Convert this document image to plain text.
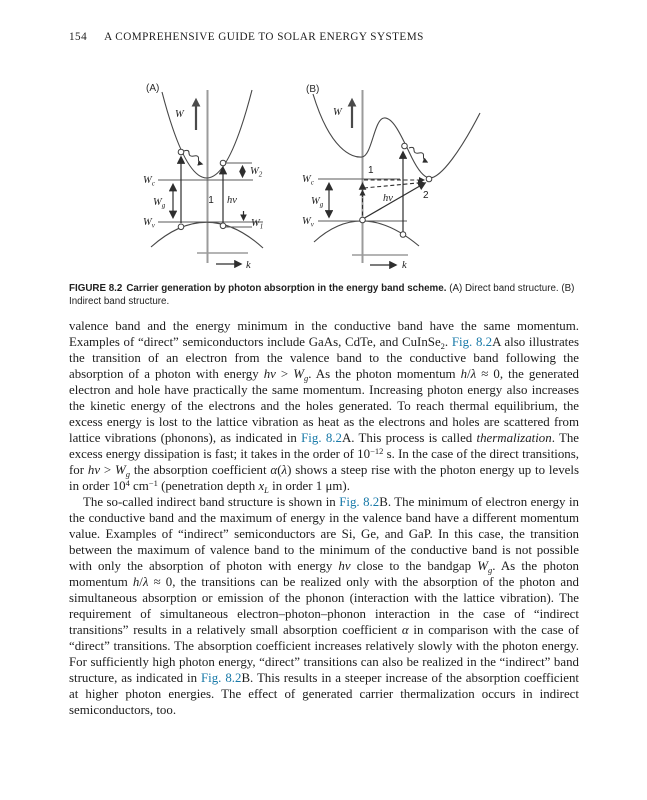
154 A COMPREHENSIVE GUIDE TO SOLAR ENERGY SYSTEMS
(A)
W
$W_c$
$W_g$
$W_v$
$W_2$
$W_1$
1 hν
k
(B)
W
$W_c$
$W_g$
$W_v$
1
2
hν
k
FIGURE 8.2 Carrier generation by photon absorption in the energy band scheme. (A) Direct band structure. (B) Indirect band structure.

valence band and the energy minimum in the conductive band have the same momentum. Examples of “direct” semiconductors include GaAs, CdTe, and CuInSe$_2$. Fig. 8.2A also illustrates the transition of an electron from the valence band to the conductive band following the absorption of a photon with energy $h\nu > W_g$. As the photon momentum h/λ ≈ 0, the generated electron and hole have practically the same momentum. Increasing photon energy also increases the kinetic energy of the electrons and the holes generated. To reach thermal equilibrium, the excess energy is lost to the lattice vibration as heat as the electrons and holes are scattered from lattice vibrations (phonons), as indicated in Fig. 8.2A. This process is called thermalization. The excess energy dissipation is fast; it takes in the order of $10^{-12}$ s. In the case of the direct transitions, for $h\nu > W_g$ the absorption coefficient α(λ) shows a steep rise with the photon energy up to levels in order $10^4$ $cm^{-1}$ (penetration depth $x_L$ in order 1 μm).

The so-called indirect band structure is shown in Fig. 8.2B. The minimum of electron energy in the conductive band and the maximum of energy in the valence band have a different momentum value. Examples of “indirect” semiconductors are Si, Ge, and GaP. In this case, the transition between the maximum of valence band to the minimum of the conductive band is not possible with only the absorption of photon with energy hν close to the bandgap $W_g$. As the photon momentum h/λ ≈ 0, the transitions can be realized only with the absorption of the photon and simultaneous absorption or emission of the phonon (interaction with the lattice vibration). The requirement of simultaneous electron–photon–phonon interaction in the case of “indirect transitions” results in a relatively small absorption coefficient α in comparison with the case of “direct” transitions. The absorption coefficient increases relatively slowly with the photon energy. For sufficiently high photon energy, “direct” transitions can also be realized in the “indirect” band structure, as indicated in Fig. 8.2B. This results in a steeper increase of the absorption coefficient at higher photon energies. The effect of generated carrier thermalization occurs in indirect semiconductors, too.
